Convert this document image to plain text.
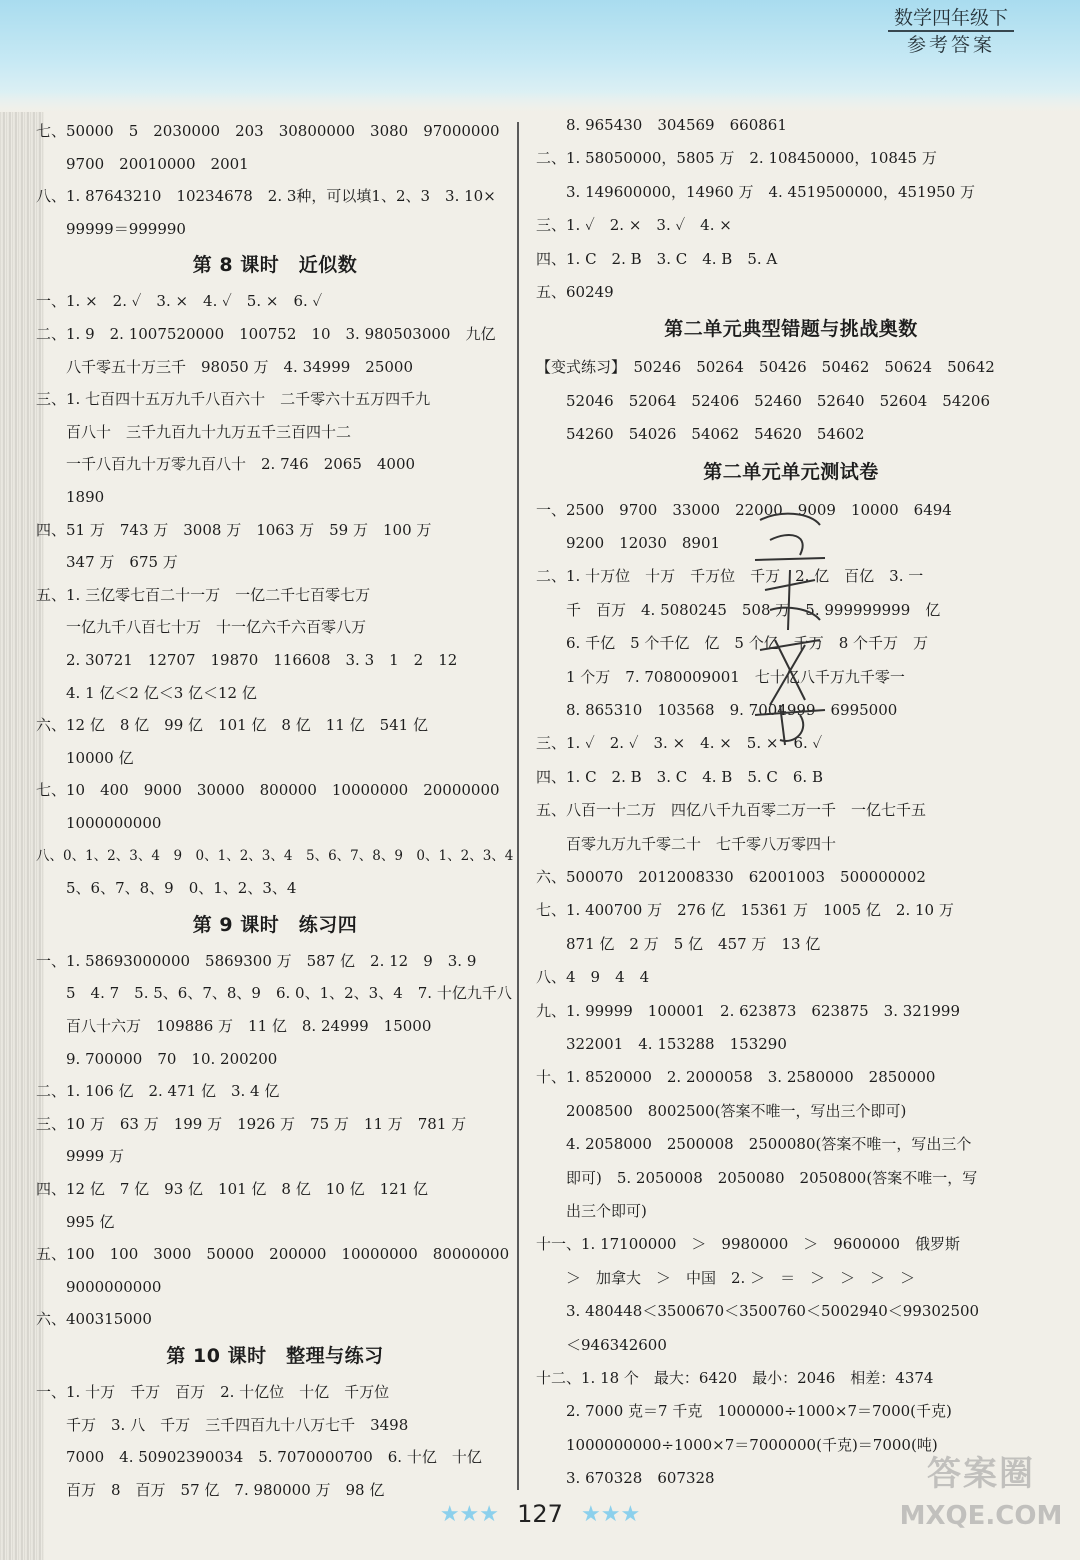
数学四年级下
参考答案
七、50000　5　2030000　203　30800000　3080　97000000
　　9700　20010000　2001
八、1. 87643210　10234678　2. 3种，可以填1、2、3　3. 10×
　　99999＝999990
第 8 课时　近似数
一、1. ×　2. ✓　3. ×　4. ✓　5. ×　6. ✓
二、1. 9　2. 1007520000　100752　10　3. 980503000　九亿
　　八千零五十万三千　98050 万　4. 34999　25000
三、1. 七百四十五万九千八百六十　二千零六十五万四千九
　　百八十　三千九百九十九万五千三百四十二
　　一千八百九十万零九百八十　2. 746　2065　4000
　　1890
四、51 万　743 万　3008 万　1063 万　59 万　100 万
　　347 万　675 万
五、1. 三亿零七百二十一万　一亿二千七百零七万
　　一亿九千八百七十万　十一亿六千六百零八万
　　2. 30721　12707　19870　116608　3. 3　1　2　12
　　4. 1 亿＜2 亿＜3 亿＜12 亿
六、12 亿　8 亿　99 亿　101 亿　8 亿　11 亿　541 亿
　　10000 亿
七、10　400　9000　30000　800000　10000000　20000000
　　1000000000
八、0、1、2、3、4　9　0、1、2、3、4　5、6、7、8、9　0、1、2、3、4
　　5、6、7、8、9　0、1、2、3、4
第 9 课时　练习四
一、1. 58693000000　5869300 万　587 亿　2. 12　9　3. 9
　　5　4. 7　5. 5、6、7、8、9　6. 0、1、2、3、4　7. 十亿九千八
　　百八十六万　109886 万　11 亿　8. 24999　15000
　　9. 700000　70　10. 200200
二、1. 106 亿　2. 471 亿　3. 4 亿
三、10 万　63 万　199 万　1926 万　75 万　11 万　781 万
　　9999 万
四、12 亿　7 亿　93 亿　101 亿　8 亿　10 亿　121 亿
　　995 亿
五、100　100　3000　50000　200000　10000000　80000000
　　9000000000
六、400315000
第 10 课时　整理与练习
一、1. 十万　千万　百万　2. 十亿位　十亿　千万位
　　千万　3. 八　千万　三千四百九十八万七千　3498
　　7000　4. 50902390034　5. 7070000700　6. 十亿　十亿
　　百万　8　百万　57 亿　7. 980000 万　98 亿
　　8. 965430　304569　660861
二、1. 58050000，5805 万　2. 108450000，10845 万
　　3. 149600000，14960 万　4. 4519500000，451950 万
三、1. ✓　2. ×　3. ✓　4. ×
四、1. C　2. B　3. C　4. B　5. A
五、60249
第二单元典型错题与挑战奥数
【变式练习】　50246　50264　50426　50462　50624　50642
　　52046　52064　52406　52460　52640　52604　54206
　　54260　54026　54062　54620　54602
第二单元单元测试卷
一、2500　9700　33000　22000　9009　10000　6494
　　9200　12030　8901
二、1. 十万位　十万　千万位　千万　2. 亿　百亿　3. 一
　　千　百万　4. 5080245　508 万　5. 999999999　亿
　　6. 千亿　5 个千亿　亿　5 个亿　千万　8 个千万　万
　　1 个万　7. 7080009001　七十亿八千万九千零一
　　8. 865310　103568　9. 7004999　6995000
三、1. ✓　2. ✓　3. ×　4. ×　5. ×　6. ✓
四、1. C　2. B　3. C　4. B　5. C　6. B
五、八百一十二万　四亿八千九百零二万一千　一亿七千五
　　百零九万九千零二十　七千零八万零四十
六、500070　2012008330　62001003　500000002
七、1. 400700 万　276 亿　15361 万　1005 亿　2. 10 万
　　871 亿　2 万　5 亿　457 万　13 亿
八、4　9　4　4
九、1. 99999　100001　2. 623873　623875　3. 321999
　　322001　4. 153288　153290
十、1. 8520000　2. 2000058　3. 2580000　2850000
　　2008500　8002500(答案不唯一，写出三个即可)
　　4. 2058000　2500008　2500080(答案不唯一，写出三个
　　即可)　5. 2050008　2050080　2050800(答案不唯一，写
　　出三个即可)
十一、1. 17100000　＞　9980000　＞　9600000　俄罗斯
　　＞　加拿大　＞　中国　2. ＞　＝　＞　＞　＞　＞
　　3. 480448＜3500670＜3500760＜5002940＜99302500
　　＜946342600
十二、1. 18 个　最大：6420　最小：2046　相差：4374
　　2. 7000 克＝7 千克　1000000÷1000×7＝7000(千克)
　　1000000000÷1000×7＝7000000(千克)＝7000(吨)
　　3. 670328　607328
★★★ 127 ★★★
答案圈
MXQE.COM
